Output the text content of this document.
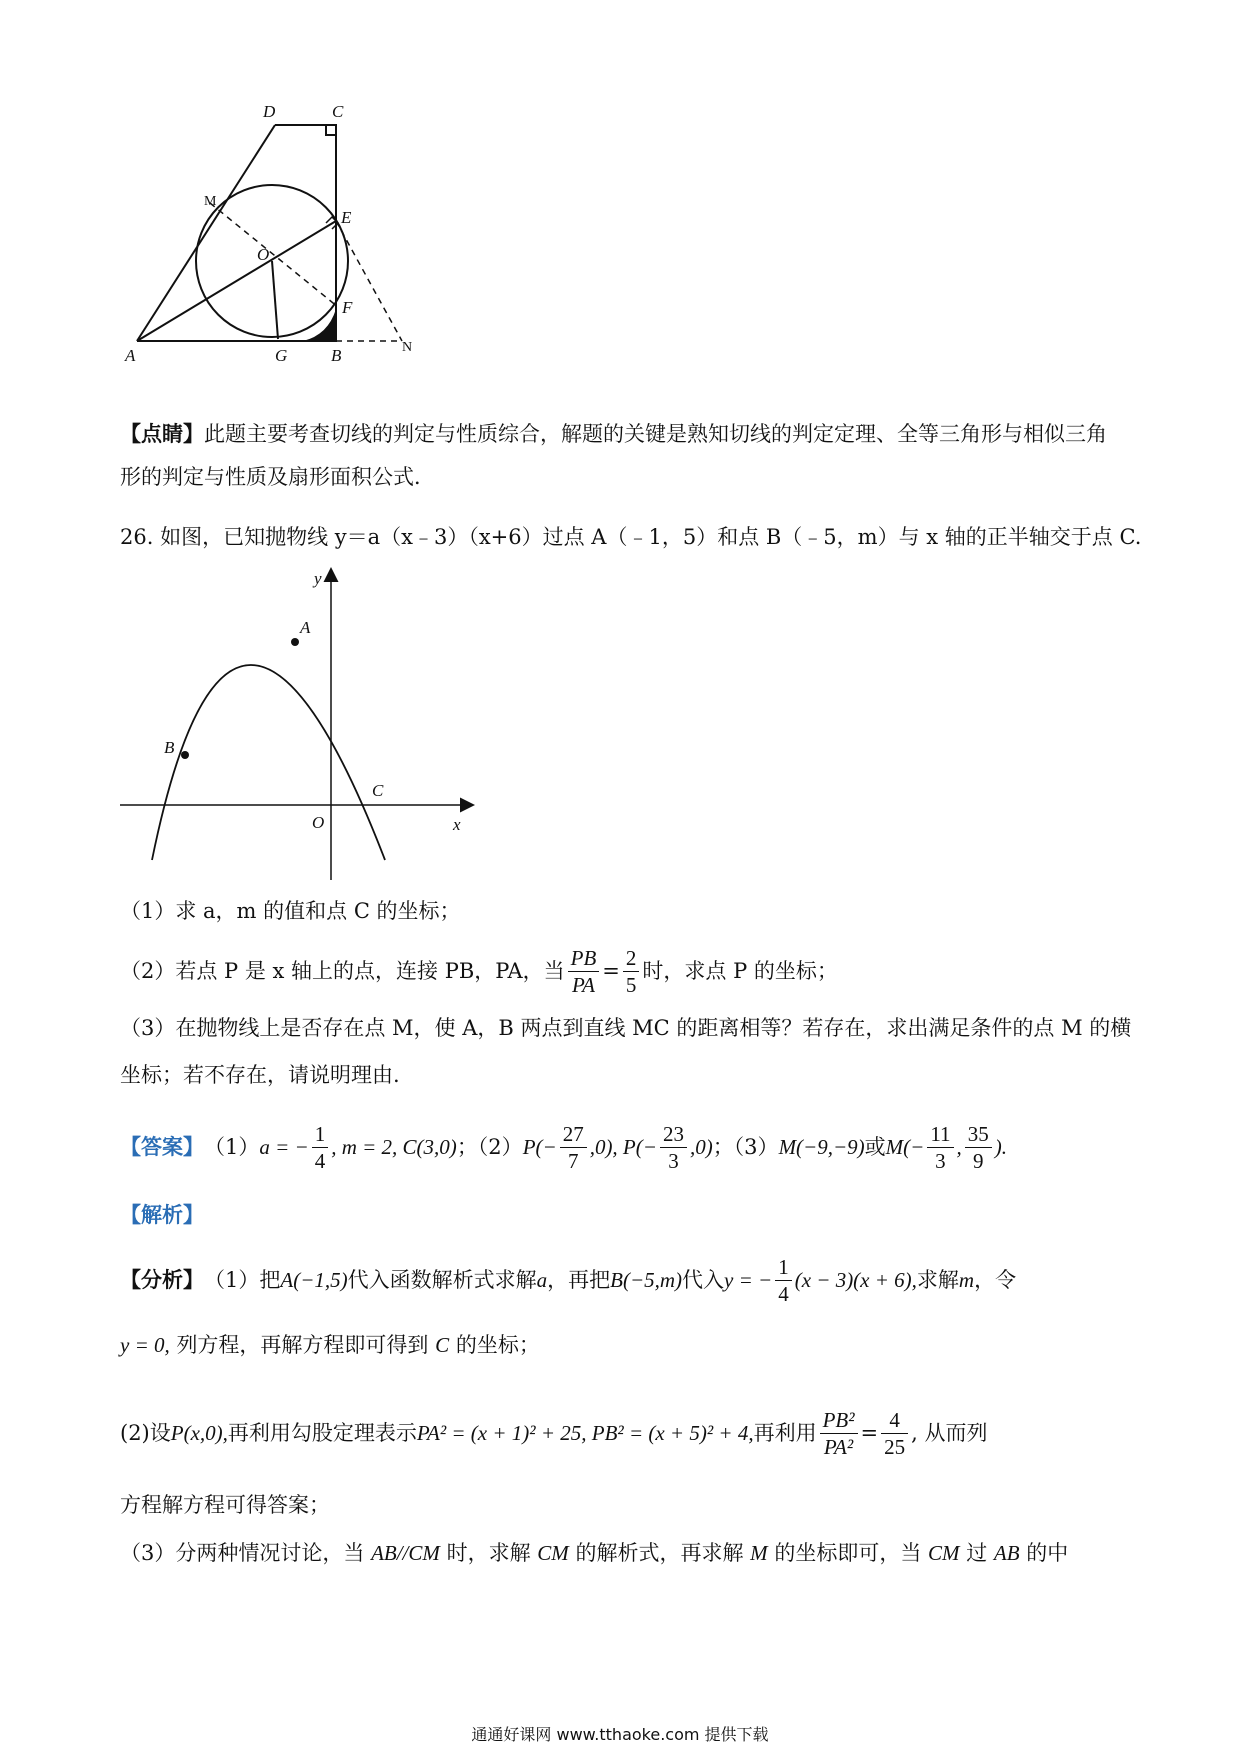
D	C
M
E
O
F
A	G	B	N
【点睛】此题主要考查切线的判定与性质综合，解题的关键是熟知切线的判定定理、全等三角形与相似三角形的判定与性质及扇形面积公式．
26. 如图，已知抛物线 y＝a（x﹣3）（x+6）过点 A（﹣1，5）和点 B（﹣5，m）与 x 轴的正半轴交于点 C.
y
x
O
A
B
C
（1）求 a，m 的值和点 C 的坐标；
（2）若点 P 是 x 轴上的点，连接 PB，PA，当 $\frac{PB}{PA} = \frac{2}{5}$ 时，求点 P 的坐标；
（3）在抛物线上是否存在点 M，使 A，B 两点到直线 MC 的距离相等？若存在，求出满足条件的点 M 的横
坐标；若不存在，请说明理由.
【答案】 （1） a = − $\frac{1}{4}$ , m = 2, C(3,0) ；（2） $P(- \frac{27}{7} ,0)$, $P(- \frac{23}{3} ,0)$ ；（3） M(−9,−9) 或 $M(- \frac{11}{3}$ , $\frac{35}{9}$ ).
【解析】
【分析】 （1）把 A(−1,5) 代入函数解析式求解 a ，再把 B(−5,m) 代入 y = − $\frac{1}{4} (x - 3)(x + 6)$, 求解 m ，令
y = 0, 列方程，再解方程即可得到 C 的坐标；
(2)设 P(x,0), 再利用勾股定理表示 PA² = (x + 1)² + 25, PB² = (x + 5)² + 4, 再利用 $\frac{\text{PB²}}{\text{PA²}} = \frac{4}{25}$ , 从而列
方程解方程可得答案；
（3）分两种情况讨论，当 AB//CM 时，求解 CM 的解析式，再求解 M 的坐标即可，当 CM 过 AB 的中
通通好课网 www.tthaoke.com 提供下载
